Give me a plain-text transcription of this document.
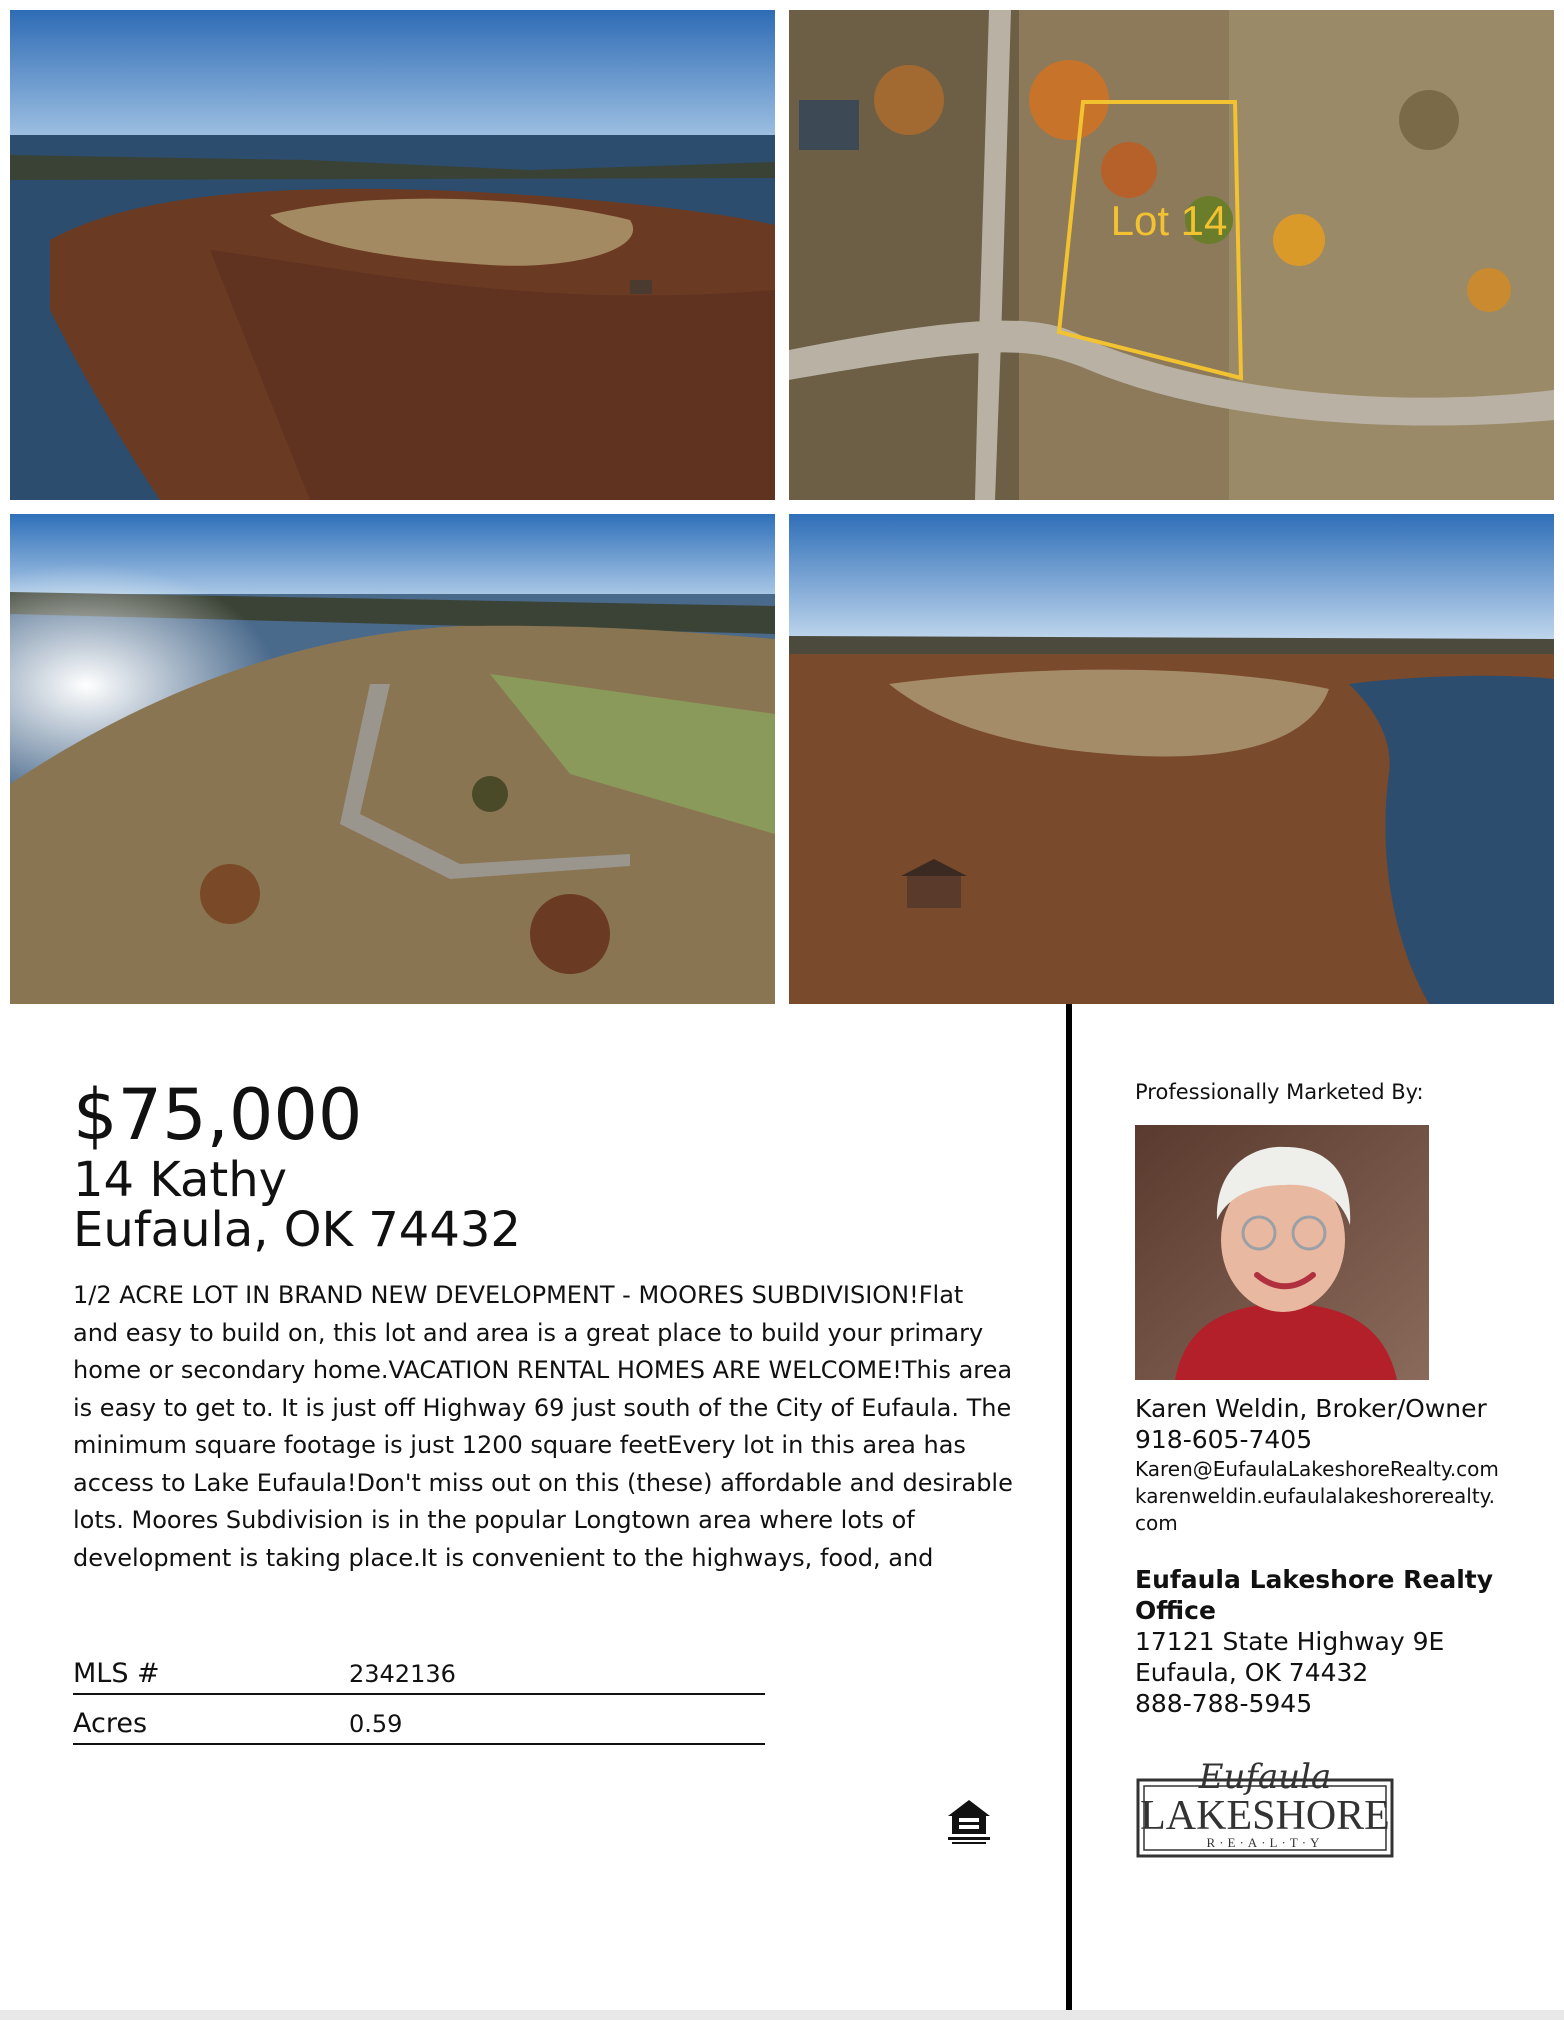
Lot 14
$75,000
14 Kathy
Eufaula, OK 74432
1/2 ACRE LOT IN BRAND NEW DEVELOPMENT - MOORES SUBDIVISION!Flat and easy to build on, this lot and area is a great place to build your primary home or secondary home.VACATION RENTAL HOMES ARE WELCOME!This area is easy to get to. It is just off Highway 69 just south of the City of Eufaula. The minimum square footage is just 1200 square feetEvery lot in this area has access to Lake Eufaula!Don't miss out on this (these) affordable and desirable lots. Moores Subdivision is in the popular Longtown area where lots of development is taking place.It is convenient to the highways, food, and
MLS #	2342136
Acres	0.59
Professionally Marketed By:
Karen Weldin, Broker/Owner
918-605-7405
Karen@EufaulaLakeshoreRealty.com
karenweldin.eufaulalakeshorerealty.
com
Eufaula Lakeshore Realty Office
17121 State Highway 9E
Eufaula, OK 74432
888-788-5945
Eufaula
LAKESHORE
R·E·A·L·T·Y
